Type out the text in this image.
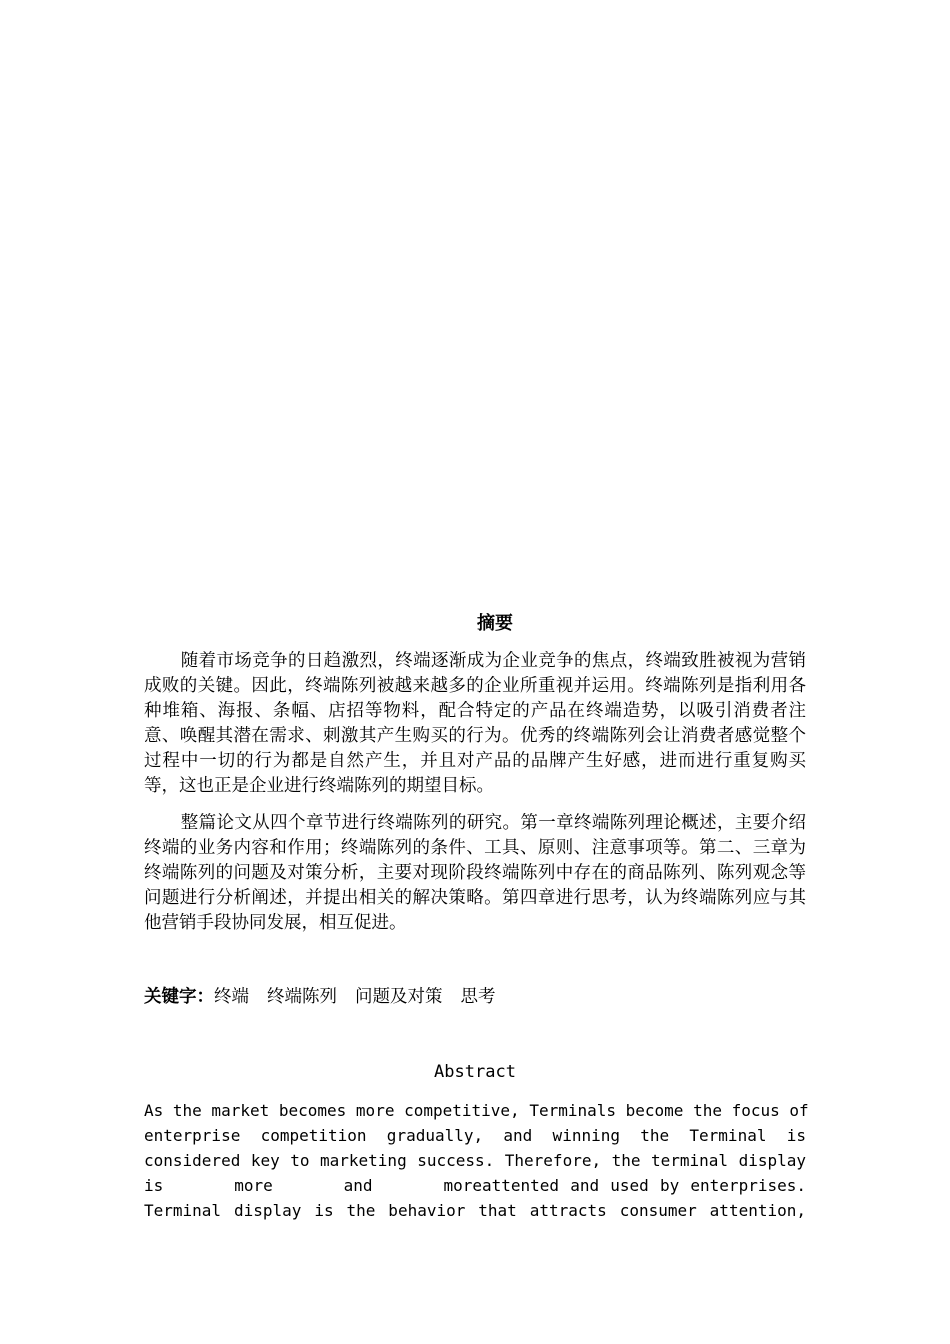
摘要

随着市场竞争的日趋激烈，终端逐渐成为企业竞争的焦点，终端致胜被视为营销成败的关键。因此，终端陈列被越来越多的企业所重视并运用。终端陈列是指利用各种堆箱、海报、条幅、店招等物料，配合特定的产品在终端造势，以吸引消费者注意、唤醒其潜在需求、刺激其产生购买的行为。优秀的终端陈列会让消费者感觉整个过程中一切的行为都是自然产生，并且对产品的品牌产生好感，进而进行重复购买等，这也正是企业进行终端陈列的期望目标。

整篇论文从四个章节进行终端陈列的研究。第一章终端陈列理论概述，主要介绍终端的业务内容和作用；终端陈列的条件、工具、原则、注意事项等。第二、三章为终端陈列的问题及对策分析，主要对现阶段终端陈列中存在的商品陈列、陈列观念等问题进行分析阐述，并提出相关的解决策略。第四章进行思考，认为终端陈列应与其他营销手段协同发展，相互促进。

关键字：终端 终端陈列 问题及对策 思考
Abstract
As the market becomes more competitive, Terminals become the focus of
enterprise competition gradually, and winning the Terminal is
considered key to marketing success. Therefore, the terminal display
is more and moreattented and used by enterprises.
Terminal display is the behavior that attracts consumer attention,
